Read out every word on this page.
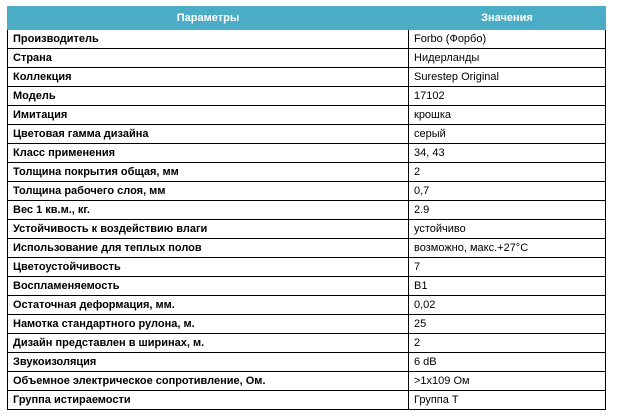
Параметры	Значения
Производитель	Forbo (Форбо)
Страна	Нидерланды
Коллекция	Surestep Original
Модель	17102
Имитация	крошка
Цветовая гамма дизайна	серый
Класс применения	34, 43
Толщина покрытия общая, мм	2
Толщина рабочего слоя, мм	0,7
Вес 1 кв.м., кг.	2.9
Устойчивость к воздействию влаги	устойчиво
Использование для теплых полов	возможно, макс.+27°C
Цветоустойчивость	7
Воспламеняемость	B1
Остаточная деформация, мм.	0,02
Намотка стандартного рулона, м.	25
Дизайн представлен в ширинах, м.	2
Звукоизоляция	6 dB
Объемное электрическое сопротивление, Ом.	>1x109 Ом
Группа истираемости	Группа T
